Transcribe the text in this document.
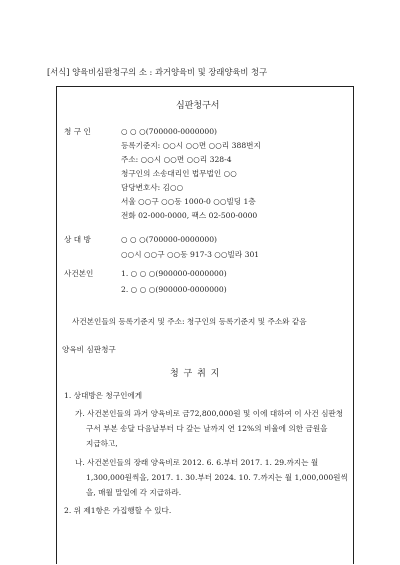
[서식] 양육비심판청구의 소 : 과거양육비 및 장래양육비 청구
심판청구서
청 구 인	○ ○ ○(700000-0000000)
등록기준지: ○○시 ○○면 ○○리 388번지
주소: ○○시 ○○면 ○○리 328-4
청구인의 소송대리인 법무법인 ○○
담당변호사: 김○○
서울 ○○구 ○○동 1000-0 ○○빌딩 1층
전화 02-000-0000, 팩스 02-500-0000
상 대 방	○ ○ ○(700000-0000000)
○○시 ○○구 ○○동 917-3 ○○빌라 301
사건본인	1. ○ ○ ○(900000-0000000)
2. ○ ○ ○(900000-0000000)
사건본인들의 등록기준지 및 주소: 청구인의 등록기준지 및 주소와 같음
양육비 심판청구
청 구 취 지
1. 상대방은 청구인에게
가. 사건본인들의 과거 양육비로 금72,800,000원 및 이에 대하여 이 사건 심판청
구서 부본 송달 다음날부터 다 갚는 날까지 연 12%의 비율에 의한 금원을
지급하고,
나. 사건본인들의 장래 양육비로 2012. 6. 6.부터 2017. 1. 29.까지는 월
1,300,000원씩을, 2017. 1. 30.부터 2024. 10. 7.까지는 월 1,000,000원씩
을, 매월 말일에 각 지급하라.
2. 위 제1항은 가집행할 수 있다.
